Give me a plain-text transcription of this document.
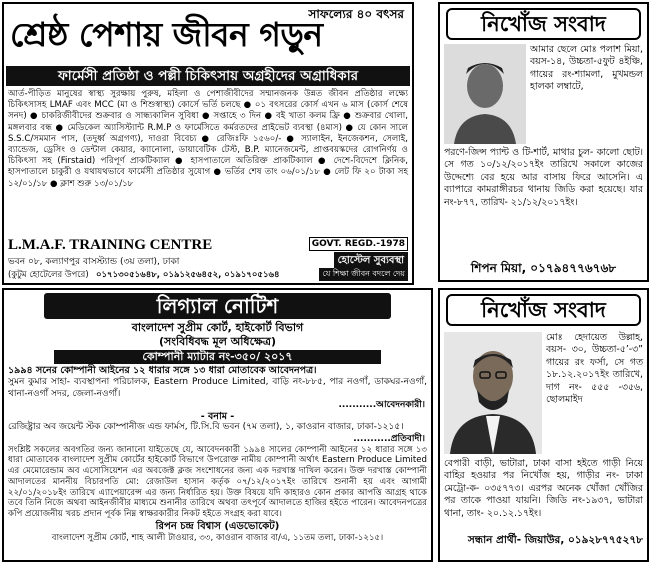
সাফল্যের ৪০ বৎসর
শ্রেষ্ঠ পেশায় জীবন গড়ুন
ফার্মেসী প্রতিষ্ঠা ও পল্লী চিকিৎসায় অগ্রহীদের অগ্রাধিকার
আর্ত-পীড়িত মানুষের স্বাস্থ্য সুরক্ষায় পুরুষ, মহিলা ও পেশাজীবীদের সম্মানজনক উন্নত জীবন প্রতিষ্ঠার লক্ষ্যে চিকিৎসাসহ LMAF এবং MCC (মা ও শিশুস্বাস্থ্য) কোর্সে ভর্তি চলছে ● ০১ বৎসরের কোর্স এখন ৬ মাস (কোর্স শেষে সনদ) ● চাকরিজীবীদের শুক্রবার ও সান্ধ্যকালিন সুবিধা ● সপ্তাহে ৩ দিন ● বই খাতা কলম ফ্রি ● শুক্রবার খোলা, মঙ্গলবার বন্ধ ● মেডিকেল অ্যাসিস্ট্যান্ট R.M.P ও ফার্মেসিতে কর্মরতদের প্রাইভেট ব্যবস্থা (৪মাস) ● যে কোন সালে S.S.C/সমমান পাস, (তদুর্ধ্ব অগ্রগণ্য), দাওরা বিবেচ্য ● রেজিঃফি ১৫৬০/- ● স্যালাইন, ইনজেকশন, সেলাই, ব্যান্ডেজ, ড্রেসিং ও ডেন্টাল কেয়ার, ক্যানোলা, ডায়াবেটিক টেস্ট, B.P. ম্যানেজমেন্ট, প্রাপ্তবয়স্কদের রোগনির্ণয় ও চিকিৎসা সহ (Firstaid) পরিপূর্ণ প্রাকটিক্যাল ● হাসপাতালে অতিরিক্ত প্রাকটিক্যাল ● দেশে-বিদেশে ক্লিনিক, হাসপাতালে চাকুরী ও যথাযথভাবে ফার্মেসী প্রতিষ্ঠার সুযোগ ● ভর্তির শেষ তাং ০৬/০১/১৮ ● লেট ফি ২০ টাকা সহ ১২/০১/১৮ ● ক্লাশ শুরু ১৩/০১/১৮
L.M.A.F. TRAINING CENTRE	GOVT. REGD.-1978
ভবন ০৮, কল্যাণপুর বাসস্ট্যান্ড (৩য় তলা), ঢাকা	হোস্টেল সুব্যবস্থা
(কুটুম হোটেলের উপরে) ০১৭১৩০৫১৬৪৮, ০১৯১২৫৬৪৫২, ০১৯১৭০৫১৬৪	যে শিক্ষা জীবন বদলে দেয়
নিখোঁজ সংবাদ
আমার ছেলে মোঃ পলাশ মিয়া, বয়স-১৪, উচ্চতা-৫ফুট ৪ইঞ্চি, গায়ের রং-শ্যামলা, মুখমন্ডল হালকা লম্বাটে,
পরণে-জিন্স প্যান্ট ও টি-শার্ট, মাথার চুল- কালো ছোট। সে গত ১০/১২/২০১৭ইং তারিখে সকালে কাজের উদ্দেশ্যে বের হয়ে আর বাসায় ফিরে আসেনি। এ ব্যাপারে কামরাঙ্গীরচর থানায় জিডি করা হয়েছে। যার নং-৮৭৭, তারিখ- ২১/১২/২০১৭ইং।
শিপন মিয়া, ০১৭৯৪৭৭৬৭৬৮
লিগ্যাল নোটিশ
বাংলাদেশ সুপ্রীম কোর্ট, হাইকোর্ট বিভাগ
(সংবিধিবদ্ধ মূল অধিক্ষেত্র)
কোম্পানী ম্যাটার নং-৩৫০/ ২০১৭
১৯৯৪ সনের কোম্পানী আইনের ১২ ধারার সঙ্গে ১৩ ধারা মোতাবেক আবেদনপত্র।
সুমন কুমার সাহা- ব্যবস্থাপনা পরিচালক, Eastern Produce Limited, বাড়ি নং-৮৮৫, পার নওগাঁ, ডাকঘর-নওগাঁ, থানা-নওগাঁ সদর, জেলা-নওগাঁ।
...........আবেদনকারী।
- বনাম -
রেজিষ্ট্রার অব জয়েন্ট স্টক কোম্পানীজ এন্ড ফার্মস, টি.সি.বি ভবন (৭ম তলা), ১, কাওরান বাজার, ঢাকা-১২১৫।
...........প্রতিবাদী।
সংশ্লিষ্ট সকলের অবগতির জন্য জানানো যাইতেছে যে, আবেদনকারী ১৯৯৪ সালের কোম্পানী আইনের ১২ ধারার সঙ্গে ১৩ ধারা মোতাবেক বাংলাদেশ সুপ্রীম কোর্টের হাইকোর্ট বিভাগে উপরোক্ত নামীয় কোম্পানী অর্থাৎ Eastern Produce Limited এর মেমোরেন্ডাম অব এসোসিয়েশন এর অবজেক্ট ক্লজ সংশোধনের জন্য এক দরখাস্ত দাখিল করেন। উক্ত দরখাস্ত কোম্পানী আদালতের মাননীয় বিচারপতি মো: রেজাউল হাসান কর্তৃক ০৭/১২/২০১৭ইং তারিখে শুনানী হয় এবং আগামী ২২/০১/২০১৮ইং তারিখে এ্যাপেয়ারেন্স এর জন্য নির্ধারিত হয়। উক্ত বিষয়ে যদি কাহারও কোন প্রকার আপত্তি আগ্রহ থাকে তবে তিনি নিজে অথবা আইনজীবীর মাধ্যমে শুনানীর তারিখে অথবা তৎপূর্বে আদালতে হাজির হইতে পারেন। আবেদনপত্রের কপি প্রয়োজনীয় খরচ প্রদান পূর্বক নিম্ন স্বাক্ষরকারীর নিকট হইতে সংগ্রহ করা যাবে।
রিপন চন্দ্র বিশ্বাস (এডভোকেট)
বাংলাদেশ সুপ্রীম কোর্ট, শাহ আলী টাওয়ার, ৩৩, কাওরান বাজার বা/এ, ১১তম তলা, ঢাকা-১২১৫।
নিখোঁজ সংবাদ
মোঃ হেদায়েত উল্লাহ, বয়স- ৩০, উচ্চতা-৫’-৩” গায়ের রং ফর্সা, সে গত ১৮.১২.২০১৭ইং তারিখে, দাগ নং- ৫৫৫ -৩৫৬, ছোলমাইদ
বেপারী বাড়ী, ভাটারা, ঢাকা বাসা হইতে গাড়ী নিয়ে বাহির হওয়ার পর নিখোঁজ হয়, গাড়ীর নং- ঢাকা মেট্রো-ক- ০৩৫৭৭৩। এরপর অনেক খোঁজা খোঁজির পর তাকে পাওয়া যায়নি। জিডি নং-১৯৩৭, ভাটারা থানা, তাং- ২০.১২.১৭ইং।
সন্ধান প্রার্থী- জিয়াউর, ০১৯২৮৭৭৫২৭৮
